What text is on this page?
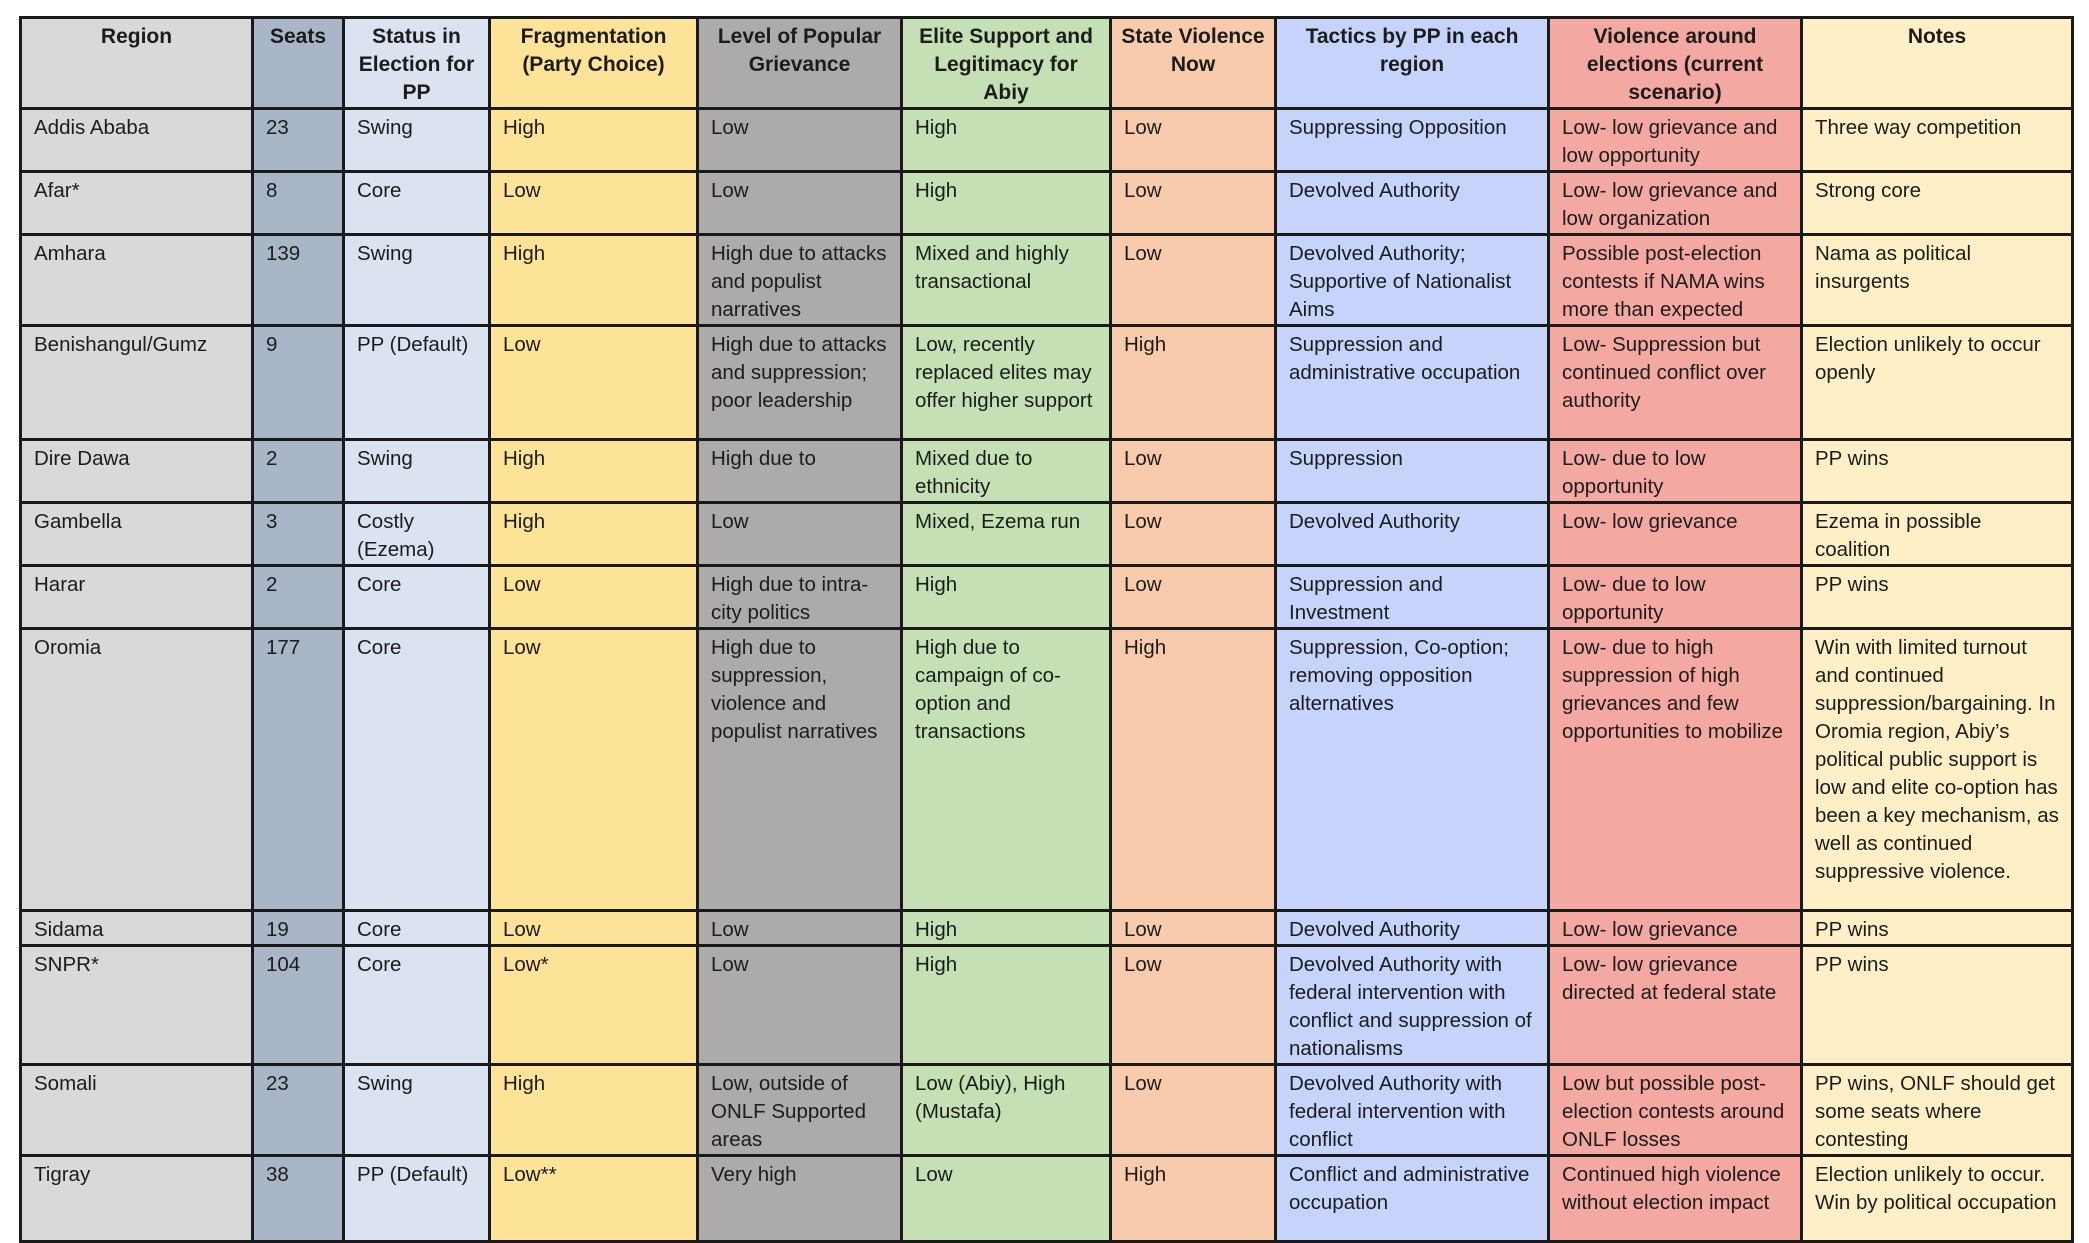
Region	Seats	Status in Election for PP	Fragmentation (Party Choice)	Level of Popular Grievance	Elite Support and Legitimacy for Abiy	State Violence Now	Tactics by PP in each region	Violence around elections (current scenario)	Notes
Addis Ababa	23	Swing	High	Low	High	Low	Suppressing Opposition	Low- low grievance and low opportunity	Three way competition
Afar*	8	Core	Low	Low	High	Low	Devolved Authority	Low- low grievance and low organization	Strong core
Amhara	139	Swing	High	High due to attacks and populist narratives	Mixed and highly transactional	Low	Devolved Authority; Supportive of Nationalist Aims	Possible post-election contests if NAMA wins more than expected	Nama as political insurgents
Benishangul/Gumz	9	PP (Default)	Low	High due to attacks and suppression; poor leadership	Low, recently replaced elites may offer higher support	High	Suppression and administrative occupation	Low- Suppression but continued conflict over authority	Election unlikely to occur openly
Dire Dawa	2	Swing	High	High due to	Mixed due to ethnicity	Low	Suppression	Low- due to low opportunity	PP wins
Gambella	3	Costly (Ezema)	High	Low	Mixed, Ezema run	Low	Devolved Authority	Low- low grievance	Ezema in possible coalition
Harar	2	Core	Low	High due to intra-city politics	High	Low	Suppression and Investment	Low- due to low opportunity	PP wins
Oromia	177	Core	Low	High due to suppression, violence and populist narratives	High due to campaign of co-option and transactions	High	Suppression, Co-option; removing opposition alternatives	Low- due to high suppression of high grievances and few opportunities to mobilize	Win with limited turnout and continued suppression/bargaining. In Oromia region, Abiy’s political public support is low and elite co-option has been a key mechanism, as well as continued suppressive violence.
Sidama	19	Core	Low	Low	High	Low	Devolved Authority	Low- low grievance	PP wins
SNPR*	104	Core	Low*	Low	High	Low	Devolved Authority with federal intervention with conflict and suppression of nationalisms	Low- low grievance directed at federal state	PP wins
Somali	23	Swing	High	Low, outside of ONLF Supported areas	Low (Abiy), High (Mustafa)	Low	Devolved Authority with federal intervention with conflict	Low but possible post-election contests around ONLF losses	PP wins, ONLF should get some seats where contesting
Tigray	38	PP (Default)	Low**	Very high	Low	High	Conflict and administrative occupation	Continued high violence without election impact	Election unlikely to occur. Win by political occupation
